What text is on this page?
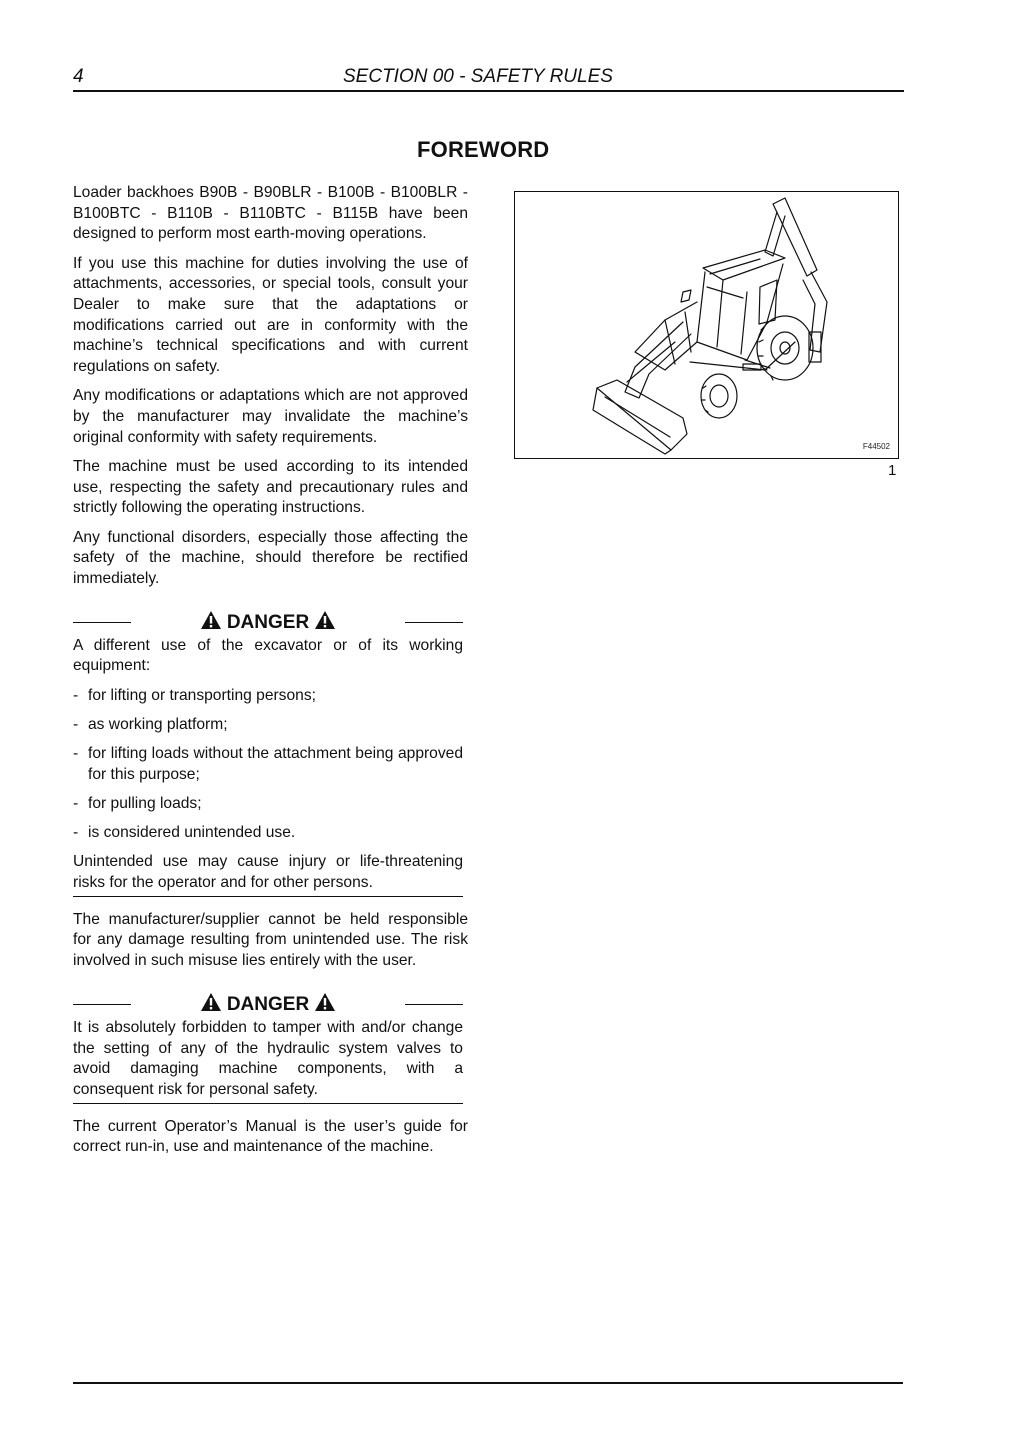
4	SECTION 00 - SAFETY RULES
FOREWORD

Loader backhoes B90B - B90BLR - B100B - B100BLR - B100BTC - B110B - B110BTC - B115B have been designed to perform most earth-moving operations.

If you use this machine for duties involving the use of attachments, accessories, or special tools, consult your Dealer to make sure that the adaptations or modifications carried out are in conformity with the machine’s technical specifications and with current regulations on safety.

Any modifications or adaptations which are not approved by the manufacturer may invalidate the machine’s original conformity with safety requirements.

The machine must be used according to its intended use, respecting the safety and precautionary rules and strictly following the operating instructions.

Any functional disorders, especially those affecting the safety of the machine, should therefore be rectified immediately.

DANGER

A different use of the excavator or of its working equipment:

- for lifting or transporting persons;
- as working platform;
- for lifting loads without the attachment being approved for this purpose;
- for pulling loads;
- is considered unintended use.

Unintended use may cause injury or life-threatening risks for the operator and for other persons.

The manufacturer/supplier cannot be held responsible for any damage resulting from unintended use. The risk involved in such misuse lies entirely with the user.

DANGER

It is absolutely forbidden to tamper with and/or change the setting of any of the hydraulic system valves to avoid damaging machine components, with a consequent risk for personal safety.

The current Operator’s Manual is the user’s guide for correct run-in, use and maintenance of the machine.

F44502
1
